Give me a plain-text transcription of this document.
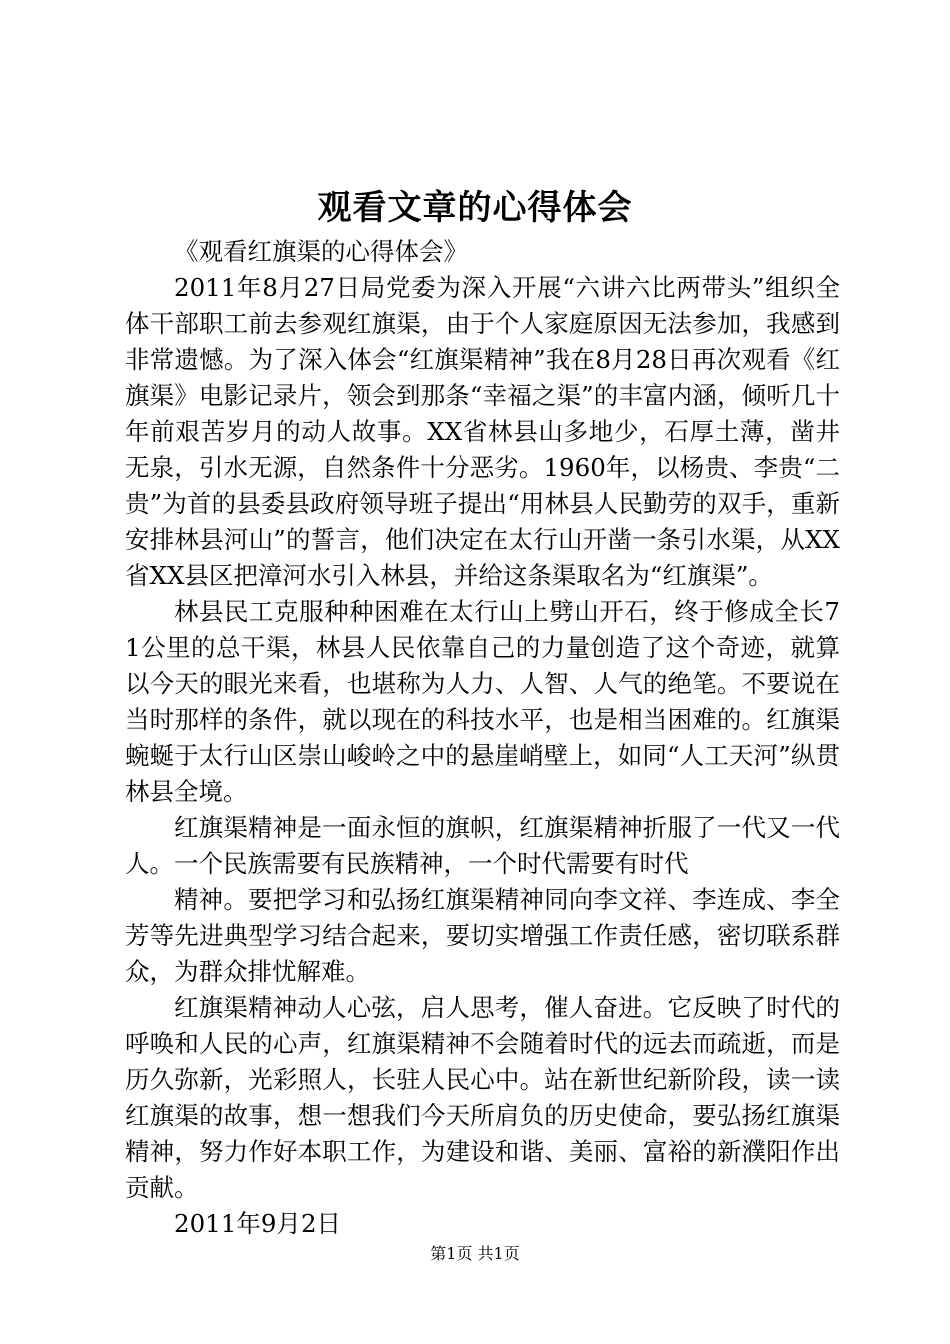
观看文章的心得体会

《观看红旗渠的心得体会》

2011年8月27日局党委为深入开展“六讲六比两带头”组织全体干部职工前去参观红旗渠，由于个人家庭原因无法参加，我感到非常遗憾。为了深入体会“红旗渠精神”我在8月28日再次观看《红旗渠》电影记录片，领会到那条“幸福之渠”的丰富内涵，倾听几十年前艰苦岁月的动人故事。XX省林县山多地少，石厚土薄，凿井无泉，引水无源，自然条件十分恶劣。1960年，以杨贵、李贵“二贵”为首的县委县政府领导班子提出“用林县人民勤劳的双手，重新安排林县河山”的誓言，他们决定在太行山开凿一条引水渠，从XX省XX县区把漳河水引入林县，并给这条渠取名为“红旗渠”。

林县民工克服种种困难在太行山上劈山开石，终于修成全长71公里的总干渠，林县人民依靠自己的力量创造了这个奇迹，就算以今天的眼光来看，也堪称为人力、人智、人气的绝笔。不要说在当时那样的条件，就以现在的科技水平，也是相当困难的。红旗渠蜿蜒于太行山区崇山峻岭之中的悬崖峭壁上，如同“人工天河”纵贯林县全境。

红旗渠精神是一面永恒的旗帜，红旗渠精神折服了一代又一代人。一个民族需要有民族精神，一个时代需要有时代

精神。要把学习和弘扬红旗渠精神同向李文祥、李连成、李全芳等先进典型学习结合起来，要切实增强工作责任感，密切联系群众，为群众排忧解难。

红旗渠精神动人心弦，启人思考，催人奋进。它反映了时代的呼唤和人民的心声，红旗渠精神不会随着时代的远去而疏逝，而是历久弥新，光彩照人，长驻人民心中。站在新世纪新阶段，读一读红旗渠的故事，想一想我们今天所肩负的历史使命，要弘扬红旗渠精神，努力作好本职工作，为建设和谐、美丽、富裕的新濮阳作出贡献。

2011年9月2日

第1页 共1页
